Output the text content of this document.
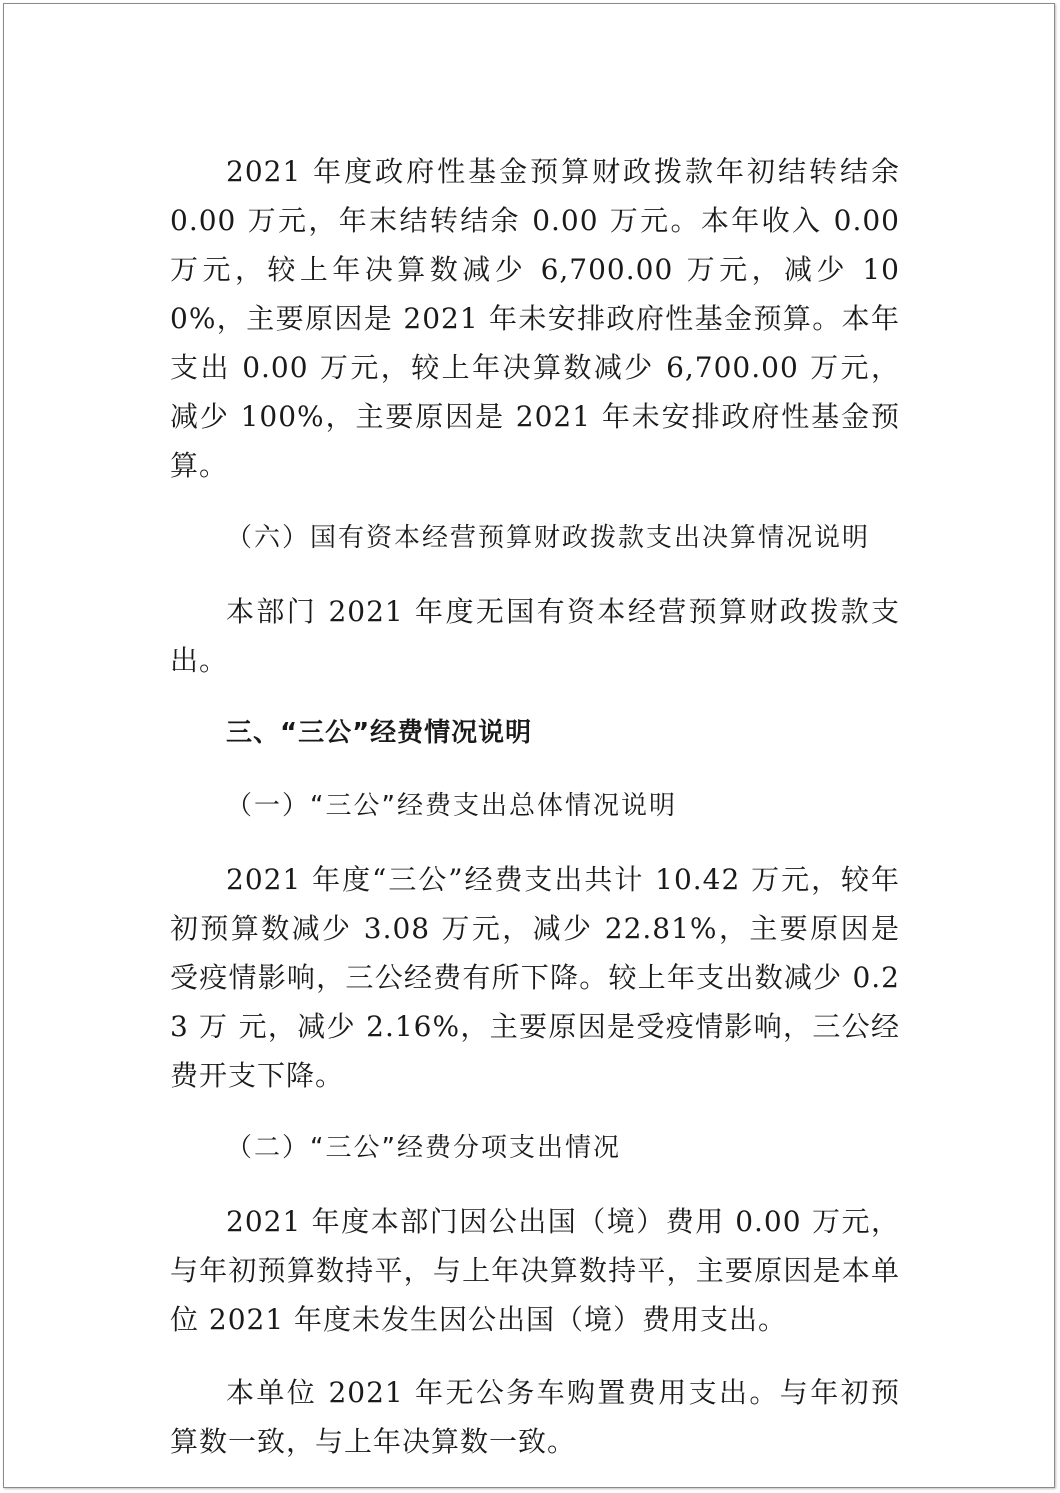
2021 年度政府性基金预算财政拨款年初结转结余 0.00 万元，年末结转结余 0.00 万元。本年收入 0.00 万元，较上年决算数减少 6,700.00 万元，减少 100%，主要原因是 2021 年未安排政府性基金预算。本年支出 0.00 万元，较上年决算数减少 6,700.00 万元，减少 100%，主要原因是 2021 年未安排政府性基金预算。

（六）国有资本经营预算财政拨款支出决算情况说明

本部门 2021 年度无国有资本经营预算财政拨款支出。

三、“三公”经费情况说明

（一）“三公”经费支出总体情况说明

2021 年度“三公”经费支出共计 10.42 万元，较年初预算数减少 3.08 万元，减少 22.81%，主要原因是受疫情影响，三公经费有所下降。较上年支出数减少 0.23 万 元，减少 2.16%，主要原因是受疫情影响，三公经费开支下降。

（二）“三公”经费分项支出情况

2021 年度本部门因公出国（境）费用 0.00 万元，与年初预算数持平，与上年决算数持平，主要原因是本单位 2021 年度未发生因公出国（境）费用支出。

本单位 2021 年无公务车购置费用支出。与年初预算数一致，与上年决算数一致。
